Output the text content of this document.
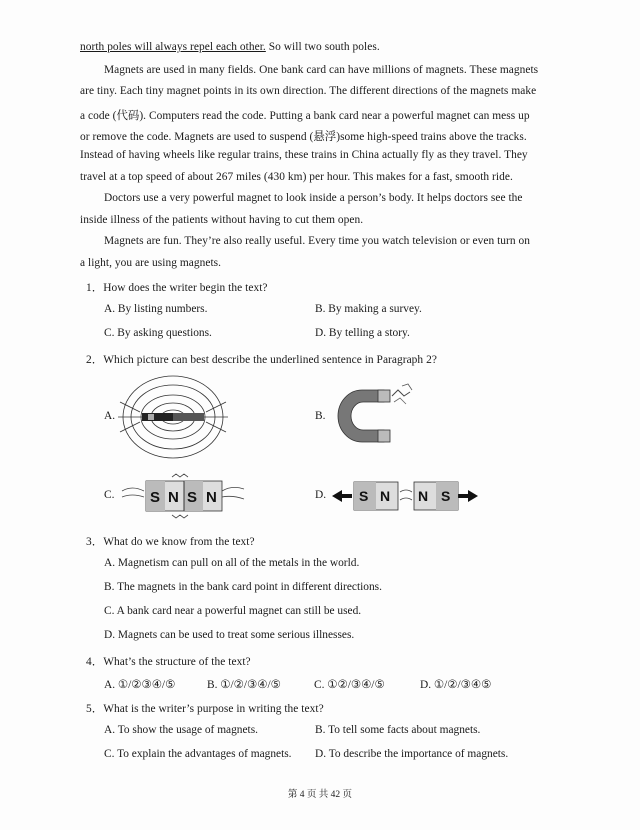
north poles will always repel each other. So will two south poles.
Magnets are used in many fields. One bank card can have millions of magnets. These magnets
are tiny. Each tiny magnet points in its own direction. The different directions of the magnets make
a code (代码). Computers read the code. Putting a bank card near a powerful magnet can mess up
or remove the code. Magnets are used to suspend (悬浮)some high-speed trains above the tracks.
Instead of having wheels like regular trains, these trains in China actually fly as they travel. They
travel at a top speed of about 267 miles (430 km) per hour. This makes for a fast, smooth ride.
Doctors use a very powerful magnet to look inside a person’s body. It helps doctors see the
inside illness of the patients without having to cut them open.
Magnets are fun. They’re also really useful. Every time you watch television or even turn on
a light, you are using magnets.
1．How does the writer begin the text?
A. By listing numbers.	B. By making a survey.
C. By asking questions.	D. By telling a story.
2．Which picture can best describe the underlined sentence in Paragraph 2?
A.	B.
C.	D.
S N S N	S N N S
3．What do we know from the text?
A. Magnetism can pull on all of the metals in the world.
B. The magnets in the bank card point in different directions.
C. A bank card near a powerful magnet can still be used.
D. Magnets can be used to treat some serious illnesses.
4．What’s the structure of the text?
A. ①/②③④/⑤	B. ①/②/③④/⑤	C. ①②/③④/⑤	D. ①/②/③④⑤
5．What is the writer’s purpose in writing the text?
A. To show the usage of magnets.	B. To tell some facts about magnets.
C. To explain the advantages of magnets. D. To describe the importance of magnets.
第 4 页 共 42 页
